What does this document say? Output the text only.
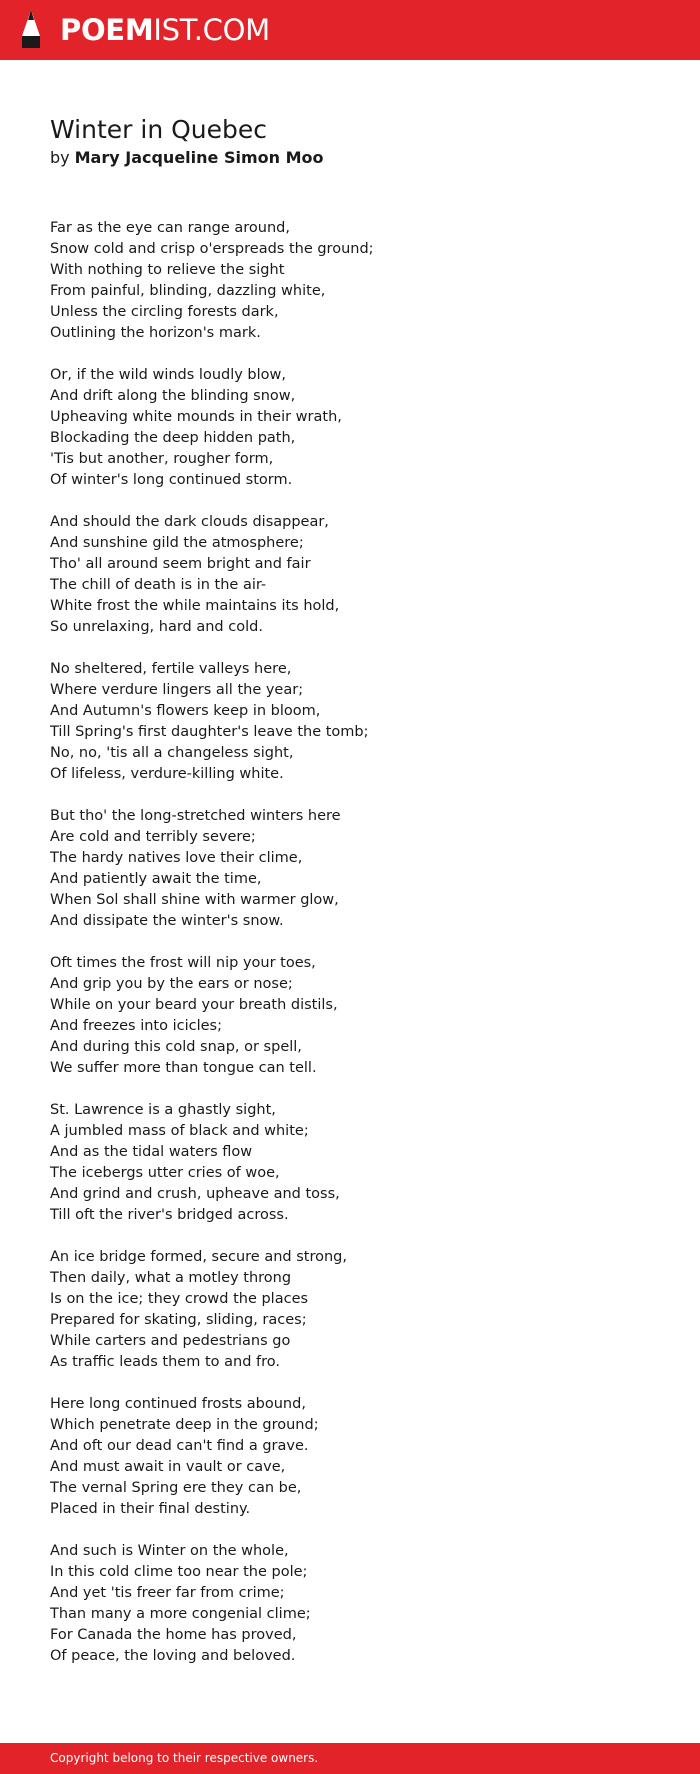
POEMIST.COM
Winter in Quebec
by Mary Jacqueline Simon Moo
Far as the eye can range around,
Snow cold and crisp o'erspreads the ground;
With nothing to relieve the sight
From painful, blinding, dazzling white,
Unless the circling forests dark,
Outlining the horizon's mark.
Or, if the wild winds loudly blow,
And drift along the blinding snow,
Upheaving white mounds in their wrath,
Blockading the deep hidden path,
'Tis but another, rougher form,
Of winter's long continued storm.
And should the dark clouds disappear,
And sunshine gild the atmosphere;
Tho' all around seem bright and fair
The chill of death is in the air-
White frost the while maintains its hold,
So unrelaxing, hard and cold.
No sheltered, fertile valleys here,
Where verdure lingers all the year;
And Autumn's flowers keep in bloom,
Till Spring's first daughter's leave the tomb;
No, no, 'tis all a changeless sight,
Of lifeless, verdure-killing white.
But tho' the long-stretched winters here
Are cold and terribly severe;
The hardy natives love their clime,
And patiently await the time,
When Sol shall shine with warmer glow,
And dissipate the winter's snow.
Oft times the frost will nip your toes,
And grip you by the ears or nose;
While on your beard your breath distils,
And freezes into icicles;
And during this cold snap, or spell,
We suffer more than tongue can tell.
St. Lawrence is a ghastly sight,
A jumbled mass of black and white;
And as the tidal waters flow
The icebergs utter cries of woe,
And grind and crush, upheave and toss,
Till oft the river's bridged across.
An ice bridge formed, secure and strong,
Then daily, what a motley throng
Is on the ice; they crowd the places
Prepared for skating, sliding, races;
While carters and pedestrians go
As traffic leads them to and fro.
Here long continued frosts abound,
Which penetrate deep in the ground;
And oft our dead can't find a grave.
And must await in vault or cave,
The vernal Spring ere they can be,
Placed in their final destiny.
And such is Winter on the whole,
In this cold clime too near the pole;
And yet 'tis freer far from crime;
Than many a more congenial clime;
For Canada the home has proved,
Of peace, the loving and beloved.
Copyright belong to their respective owners.
